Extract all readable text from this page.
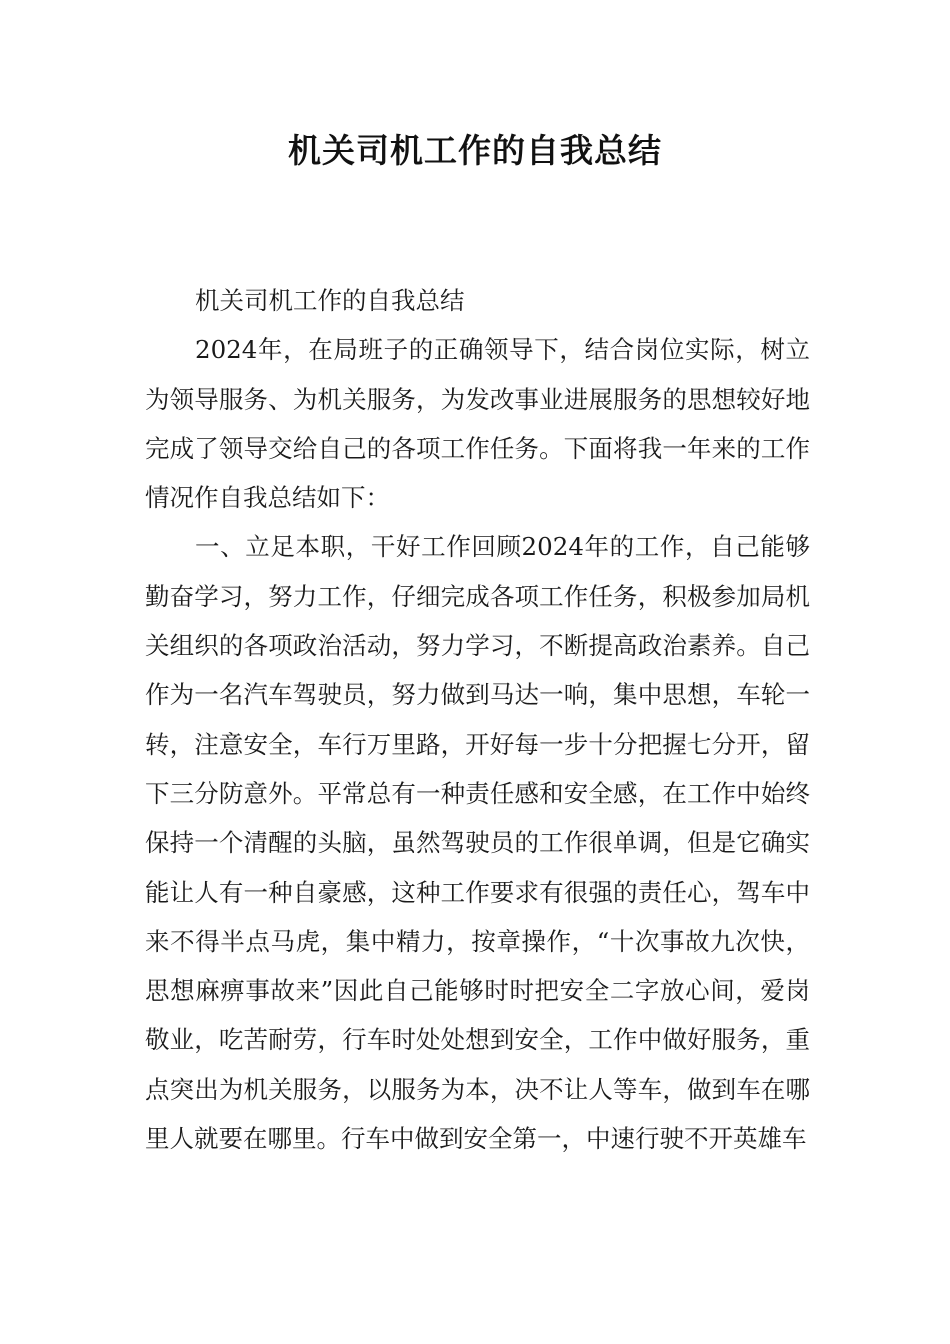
机关司机工作的自我总结

机关司机工作的自我总结

2024年，在局班子的正确领导下，结合岗位实际，树立为领导服务、为机关服务，为发改事业进展服务的思想较好地完成了领导交给自己的各项工作任务。下面将我一年来的工作情况作自我总结如下：

一、立足本职，干好工作回顾2024年的工作，自己能够勤奋学习，努力工作，仔细完成各项工作任务，积极参加局机关组织的各项政治活动，努力学习，不断提高政治素养。自己作为一名汽车驾驶员，努力做到马达一响，集中思想，车轮一转，注意安全，车行万里路，开好每一步十分把握七分开，留下三分防意外。平常总有一种责任感和安全感，在工作中始终保持一个清醒的头脑，虽然驾驶员的工作很单调，但是它确实能让人有一种自豪感，这种工作要求有很强的责任心，驾车中来不得半点马虎，集中精力，按章操作，“十次事故九次快，思想麻痹事故来”因此自己能够时时把安全二字放心间，爱岗敬业，吃苦耐劳，行车时处处想到安全，工作中做好服务，重点突出为机关服务，以服务为本，决不让人等车，做到车在哪里人就要在哪里。行车中做到安全第一，中速行驶不开英雄车
